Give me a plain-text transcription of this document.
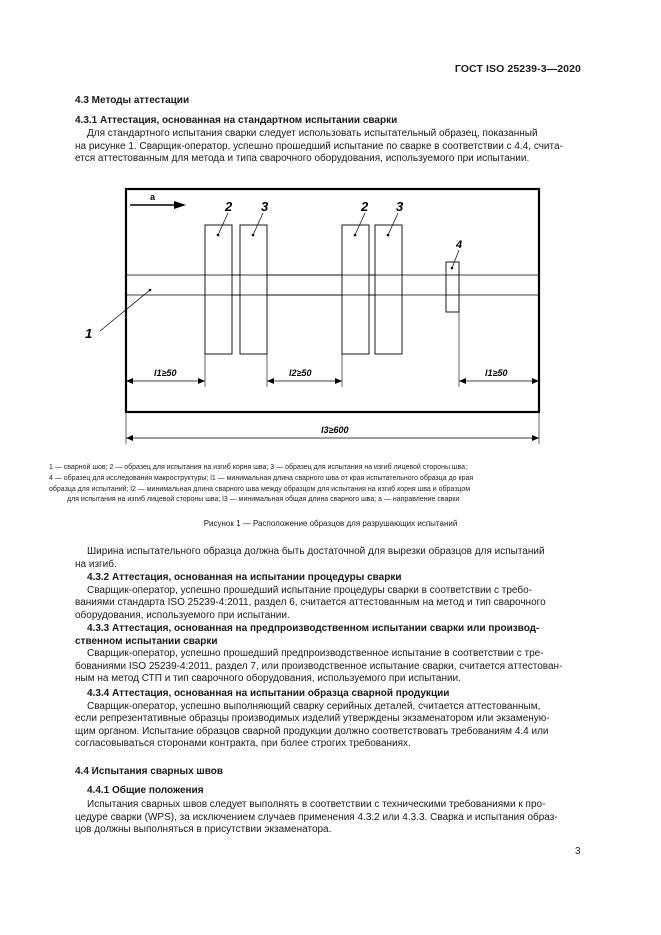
ГОСТ ISO 25239-3—2020
4.3 Методы аттестации
4.3.1 Аттестация, основанная на стандартном испытании сварки
Для стандартного испытания сварки следует использовать испытательный образец, показанный
на рисунке 1. Сварщик-оператор, успешно прошедший испытание по сварке в соответствии с 4.4, счита-
ется аттестованным для метода и типа сварочного оборудования, используемого при испытании.
2 3	2 3
4
a
1
l1≥50	l2≥50	l1≥50
l3≥600
1 — сварной шов; 2 — образец для испытания на изгиб корня шва; 3 — образец для испытания на изгиб лицевой стороны шва;
4 — образец для исследования макроструктуры; l1 — минимальная длина сварного шва от края испытательного образца до края
образца для испытаний; l2 — минимальная длина сварного шва между образцом для испытания на изгиб корня шва и образцом
для испытания на изгиб лицевой стороны шва; l3 — минимальная общая длина сварного шва; a — направление сварки
Рисунок 1 — Расположение образцов для разрушающих испытаний
Ширина испытательного образца должна быть достаточной для вырезки образцов для испытаний
на изгиб.
4.3.2 Аттестация, основанная на испытании процедуры сварки
Сварщик-оператор, успешно прошедший испытание процедуры сварки в соответствии с требо-
ваниями стандарта ISO 25239-4:2011, раздел 6, считается аттестованным на метод и тип сварочного
оборудования, используемого при испытании.
4.3.3 Аттестация, основанная на предпроизводственном испытании сварки или производ-
ственном испытании сварки
Сварщик-оператор, успешно прошедший предпроизводственное испытание в соответствии с тре-
бованиями ISO 25239-4:2011, раздел 7, или производственное испытание сварки, считается аттестован-
ным на метод СТП и тип сварочного оборудования, используемого при испытании.
4.3.4 Аттестация, основанная на испытании образца сварной продукции
Сварщик-оператор, успешно выполняющий сварку серийных деталей, считается аттестованным,
если репрезентативные образцы производимых изделий утверждены экзаменатором или экзаменую-
щим органом. Испытание образцов сварной продукции должно соответствовать требованиям 4.4 или
согласовываться сторонами контракта, при более строгих требованиях.
4.4 Испытания сварных швов
4.4.1 Общие положения
Испытания сварных швов следует выполнять в соответствии с техническими требованиями к про-
цедуре сварки (WPS), за исключением случаев применения 4.3.2 или 4.3.3. Сварка и испытания образ-
цов должны выполняться в присутствии экзаменатора.
3
